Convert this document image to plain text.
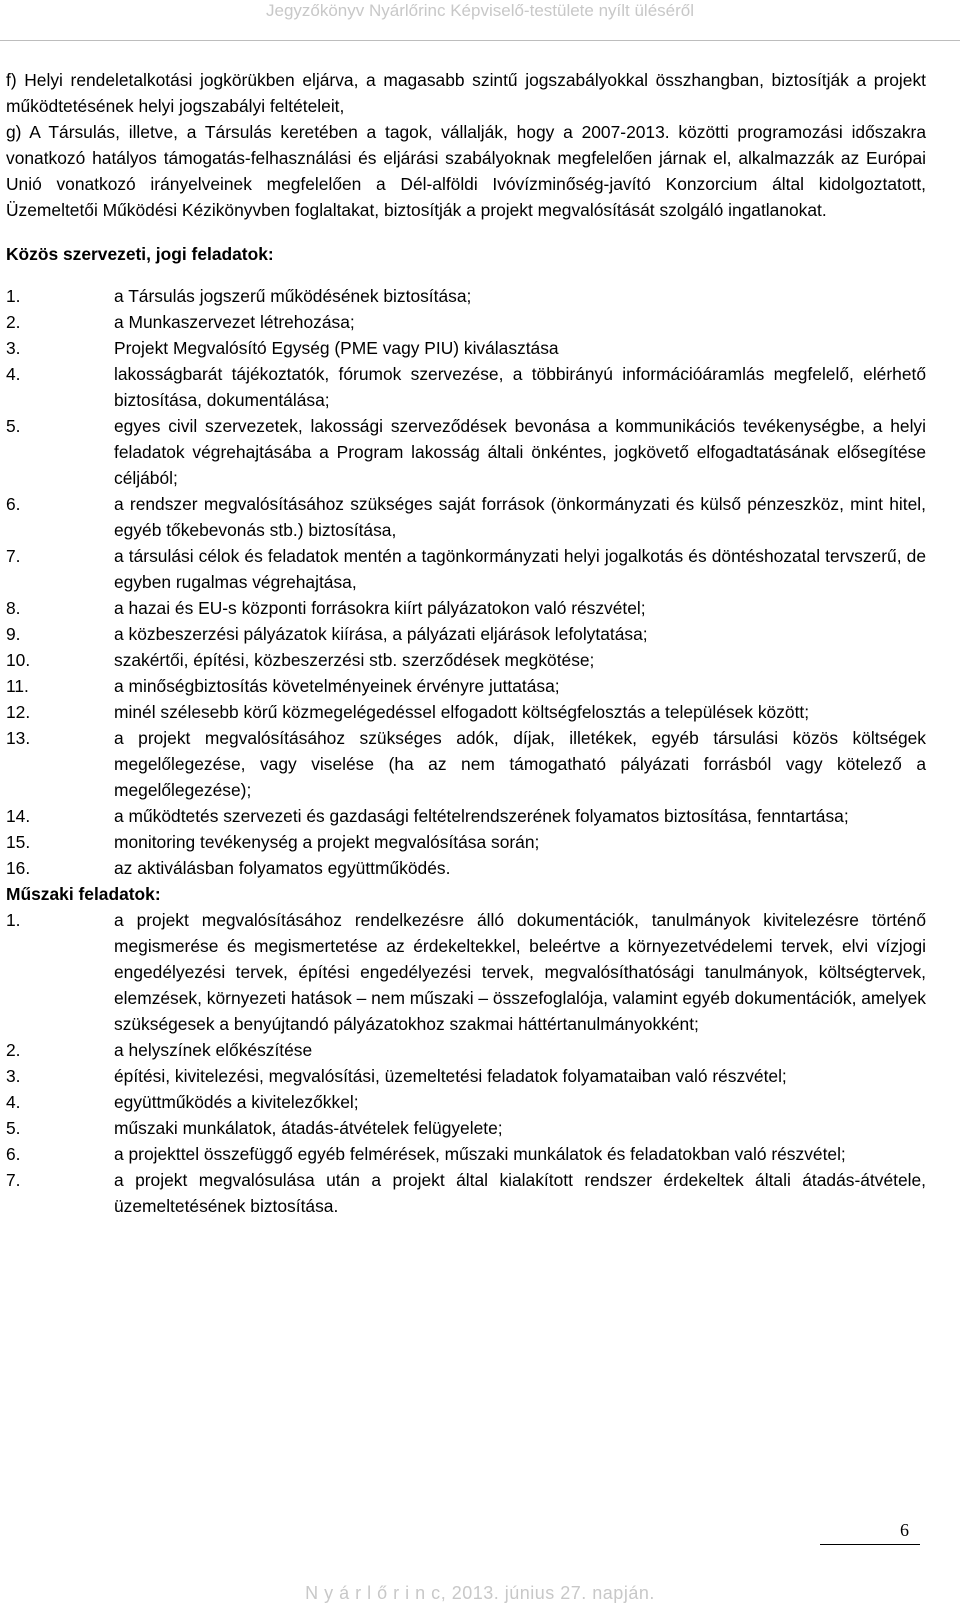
Jegyzőkönyv Nyárlőrinc Képviselő-testülete nyílt üléséről

f) Helyi rendeletalkotási jogkörükben eljárva, a magasabb szintű jogszabályokkal összhangban, biztosítják a projekt működtetésének helyi jogszabályi feltételeit,

g) A Társulás, illetve, a Társulás keretében a tagok, vállalják, hogy a 2007-2013. közötti programozási időszakra vonatkozó hatályos támogatás-felhasználási és eljárási szabályoknak megfelelően járnak el, alkalmazzák az Európai Unió vonatkozó irányelveinek megfelelően a Dél-alföldi Ivóvízminőség-javító Konzorcium által kidolgoztatott, Üzemeltetői Működési Kézikönyvben foglaltakat, biztosítják a projekt megvalósítását szolgáló ingatlanokat.

Közös szervezeti, jogi feladatok:

1.	a Társulás jogszerű működésének biztosítása;

2.	a Munkaszervezet létrehozása;

3.	Projekt Megvalósító Egység (PME vagy PIU) kiválasztása

4.	lakosságbarát tájékoztatók, fórumok szervezése, a többirányú információáramlás megfelelő, elérhető biztosítása, dokumentálása;

5.	egyes civil szervezetek, lakossági szerveződések bevonása a kommunikációs tevékenységbe, a helyi feladatok végrehajtásába a Program lakosság általi önkéntes, jogkövető elfogadtatásának elősegítése céljából;

6.	a rendszer megvalósításához szükséges saját források (önkormányzati és külső pénzeszköz, mint hitel, egyéb tőkebevonás stb.) biztosítása,

7.	a társulási célok és feladatok mentén a tagönkormányzati helyi jogalkotás és döntéshozatal tervszerű, de egyben rugalmas végrehajtása,

8.	a hazai és EU-s központi forrásokra kiírt pályázatokon való részvétel;

9.	a közbeszerzési pályázatok kiírása, a pályázati eljárások lefolytatása;

10.	szakértői, építési, közbeszerzési stb. szerződések megkötése;

11.	a minőségbiztosítás követelményeinek érvényre juttatása;

12.	minél szélesebb körű közmegelégedéssel elfogadott költségfelosztás a települések között;

13.	a projekt megvalósításához szükséges adók, díjak, illetékek, egyéb társulási közös költségek megelőlegezése, vagy viselése (ha az nem támogatható pályázati forrásból vagy kötelező a megelőlegezése);

14.	a működtetés szervezeti és gazdasági feltételrendszerének folyamatos biztosítása, fenntartása;

15.	monitoring tevékenység a projekt megvalósítása során;

16.	az aktiválásban folyamatos együttműködés.

Műszaki feladatok:

1.	a projekt megvalósításához rendelkezésre álló dokumentációk, tanulmányok kivitelezésre történő megismerése és megismertetése az érdekeltekkel, beleértve a környezetvédelemi tervek, elvi vízjogi engedélyezési tervek, építési engedélyezési tervek, megvalósíthatósági tanulmányok, költségtervek, elemzések, környezeti hatások – nem műszaki – összefoglalója, valamint egyéb dokumentációk, amelyek szükségesek a benyújtandó pályázatokhoz szakmai háttértanulmányokként;

2.	a helyszínek előkészítése

3.	építési, kivitelezési, megvalósítási, üzemeltetési feladatok folyamataiban való részvétel;

4.	együttműködés a kivitelezőkkel;

5.	műszaki munkálatok, átadás-átvételek felügyelete;

6.	a projekttel összefüggő egyéb felmérések, műszaki munkálatok és feladatokban való részvétel;

7.	a projekt megvalósulása után a projekt által kialakított rendszer érdekeltek általi átadás-átvétele, üzemeltetésének biztosítása.

6
N y á r l ő r i n c, 2013. június 27. napján.
